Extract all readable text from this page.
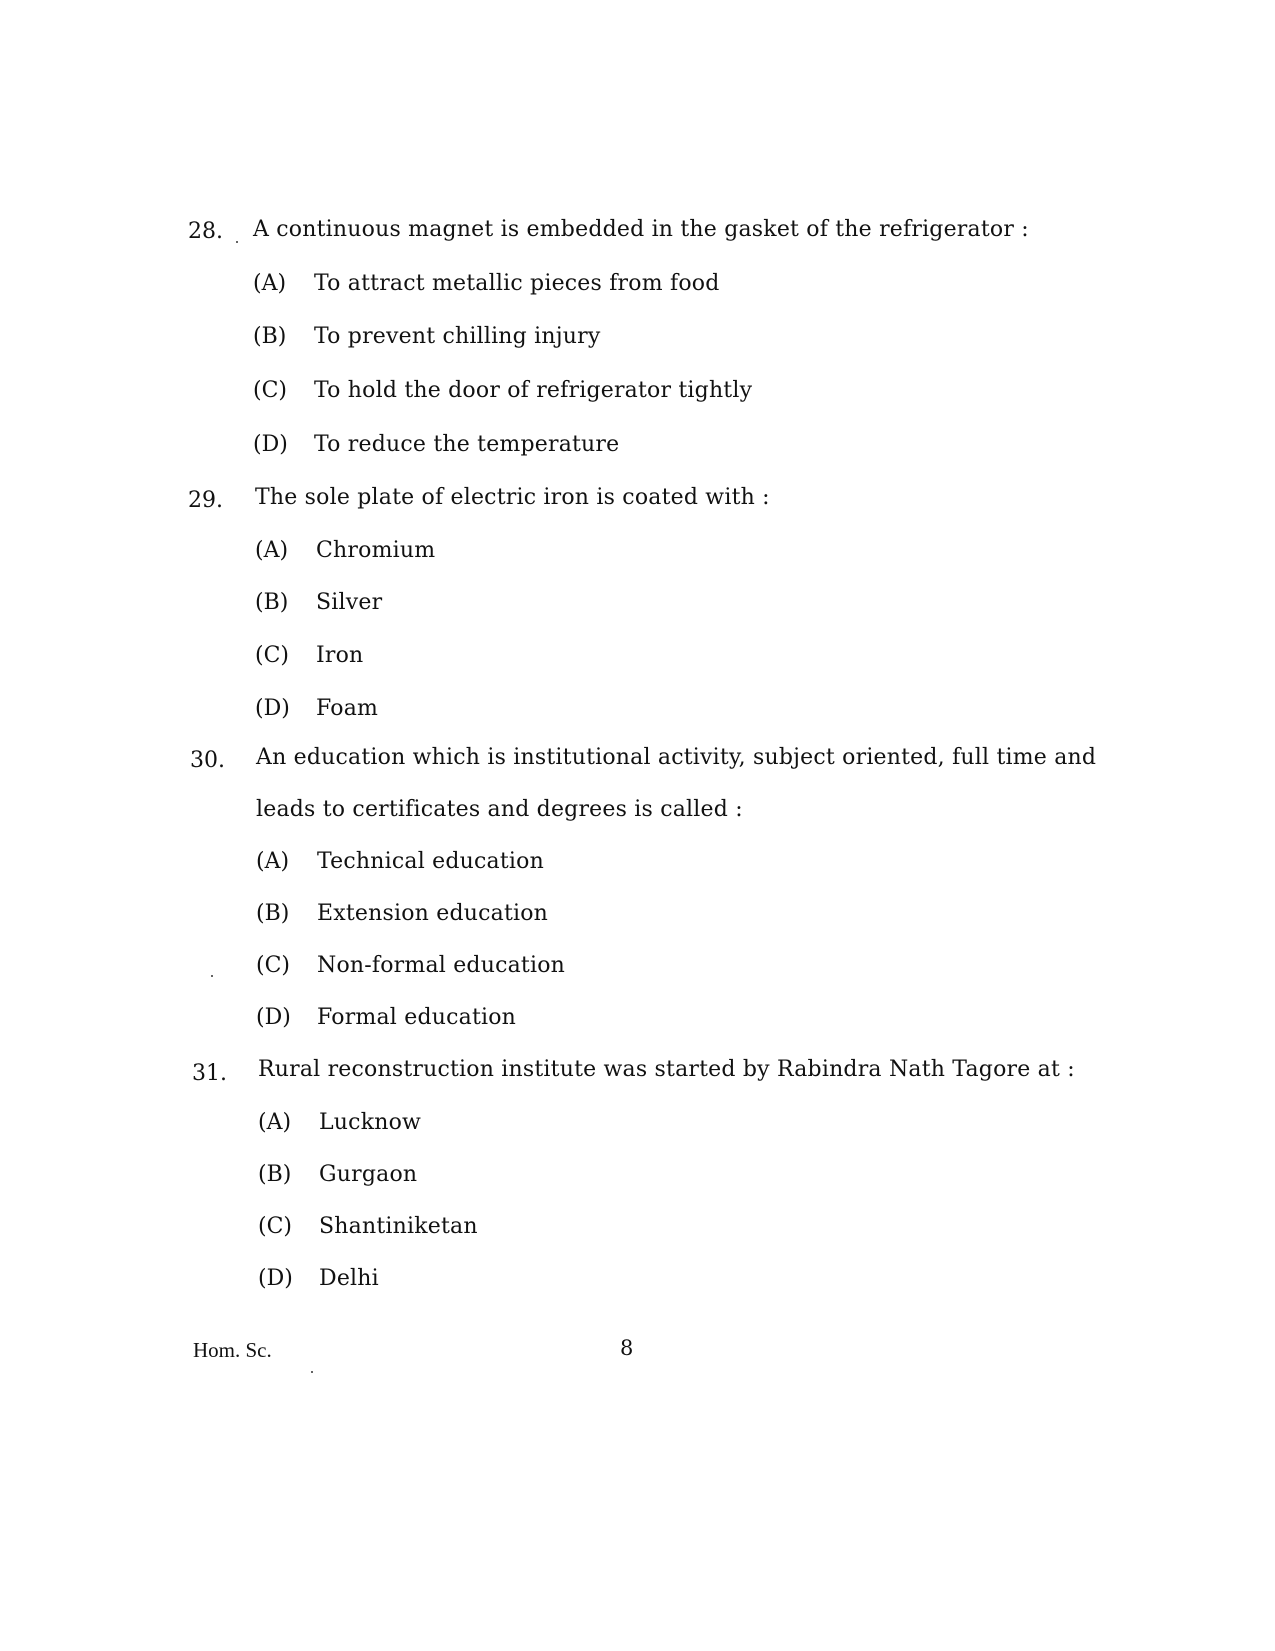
28. A continuous magnet is embedded in the gasket of the refrigerator :
(A) To attract metallic pieces from food
(B) To prevent chilling injury
(C) To hold the door of refrigerator tightly
(D) To reduce the temperature
29. The sole plate of electric iron is coated with :
(A) Chromium
(B) Silver
(C) Iron
(D) Foam
30. An education which is institutional activity, subject oriented, full time and
leads to certificates and degrees is called :
(A) Technical education
(B) Extension education
(C) Non-formal education
(D) Formal education
31. Rural reconstruction institute was started by Rabindra Nath Tagore at :
(A) Lucknow
(B) Gurgaon
(C) Shantiniketan
(D) Delhi
Hom. Sc.	8
